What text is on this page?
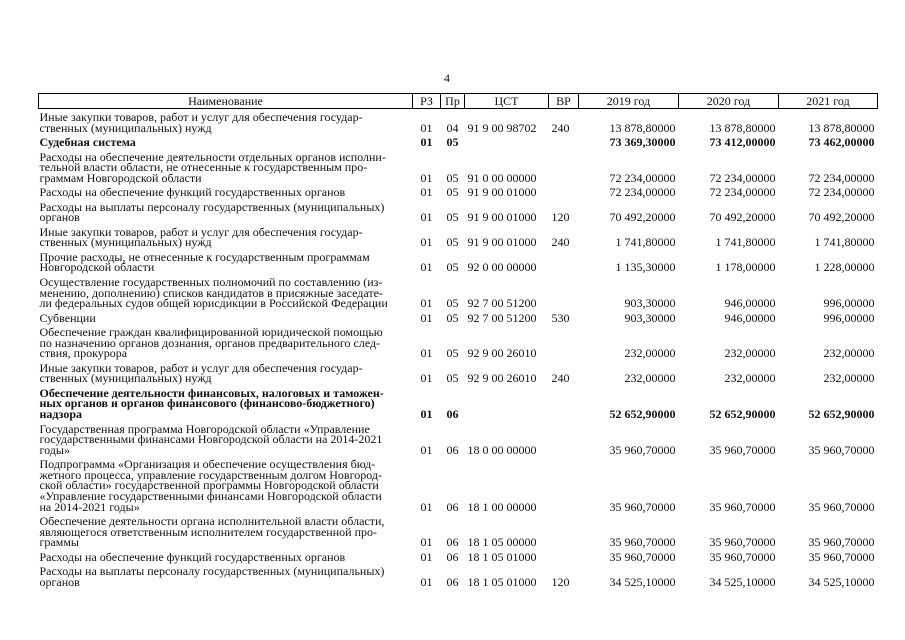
4
Наименование	РЗ	Пр	ЦСТ	ВР	2019 год	2020 год	2021 год

Иные закупки товаров, работ и услуг для обеспечения государ-
ственных (муниципальных) нужд	01	04	91 9 00 98702	240	13 878,80000	13 878,80000	13 878,80000

Судебная система	01	05			73 369,30000	73 412,00000	73 462,00000

Расходы на обеспечение деятельности отдельных органов исполни-
тельной власти области, не отнесенные к государственным про-
граммам Новгородской области	01	05	91 0 00 00000		72 234,00000	72 234,00000	72 234,00000

Расходы на обеспечение функций государственных органов	01	05	91 9 00 01000		72 234,00000	72 234,00000	72 234,00000

Расходы на выплаты персоналу государственных (муниципальных)
органов	01	05	91 9 00 01000	120	70 492,20000	70 492,20000	70 492,20000

Иные закупки товаров, работ и услуг для обеспечения государ-
ственных (муниципальных) нужд	01	05	91 9 00 01000	240	1 741,80000	1 741,80000	1 741,80000

Прочие расходы, не отнесенные к государственным программам
Новгородской области	01	05	92 0 00 00000		1 135,30000	1 178,00000	1 228,00000

Осуществление государственных полномочий по составлению (из-
менению, дополнению) списков кандидатов в присяжные заседате-
ли федеральных судов общей юрисдикции в Российской Федерации	01	05	92 7 00 51200		903,30000	946,00000	996,00000

Субвенции	01	05	92 7 00 51200	530	903,30000	946,00000	996,00000

Обеспечение граждан квалифицированной юридической помощью
по назначению органов дознания, органов предварительного след-
ствия, прокурора	01	05	92 9 00 26010		232,00000	232,00000	232,00000

Иные закупки товаров, работ и услуг для обеспечения государ-
ственных (муниципальных) нужд	01	05	92 9 00 26010	240	232,00000	232,00000	232,00000

Обеспечение деятельности финансовых, налоговых и таможен-
ных органов и органов финансового (финансово-бюджетного)
надзора	01	06			52 652,90000	52 652,90000	52 652,90000

Государственная программа Новгородской области «Управление
государственными финансами Новгородской области на 2014-2021
годы»	01	06	18 0 00 00000		35 960,70000	35 960,70000	35 960,70000

Подпрограмма «Организация и обеспечение осуществления бюд-
жетного процесса, управление государственным долгом Новгород-
ской области» государственной программы Новгородской области
«Управление государственными финансами Новгородской области
на 2014-2021 годы»	01	06	18 1 00 00000		35 960,70000	35 960,70000	35 960,70000

Обеспечение деятельности органа исполнительной власти области,
являющегося ответственным исполнителем государственной про-
граммы	01	06	18 1 05 00000		35 960,70000	35 960,70000	35 960,70000

Расходы на обеспечение функций государственных органов	01	06	18 1 05 01000		35 960,70000	35 960,70000	35 960,70000

Расходы на выплаты персоналу государственных (муниципальных)
органов	01	06	18 1 05 01000	120	34 525,10000	34 525,10000	34 525,10000
